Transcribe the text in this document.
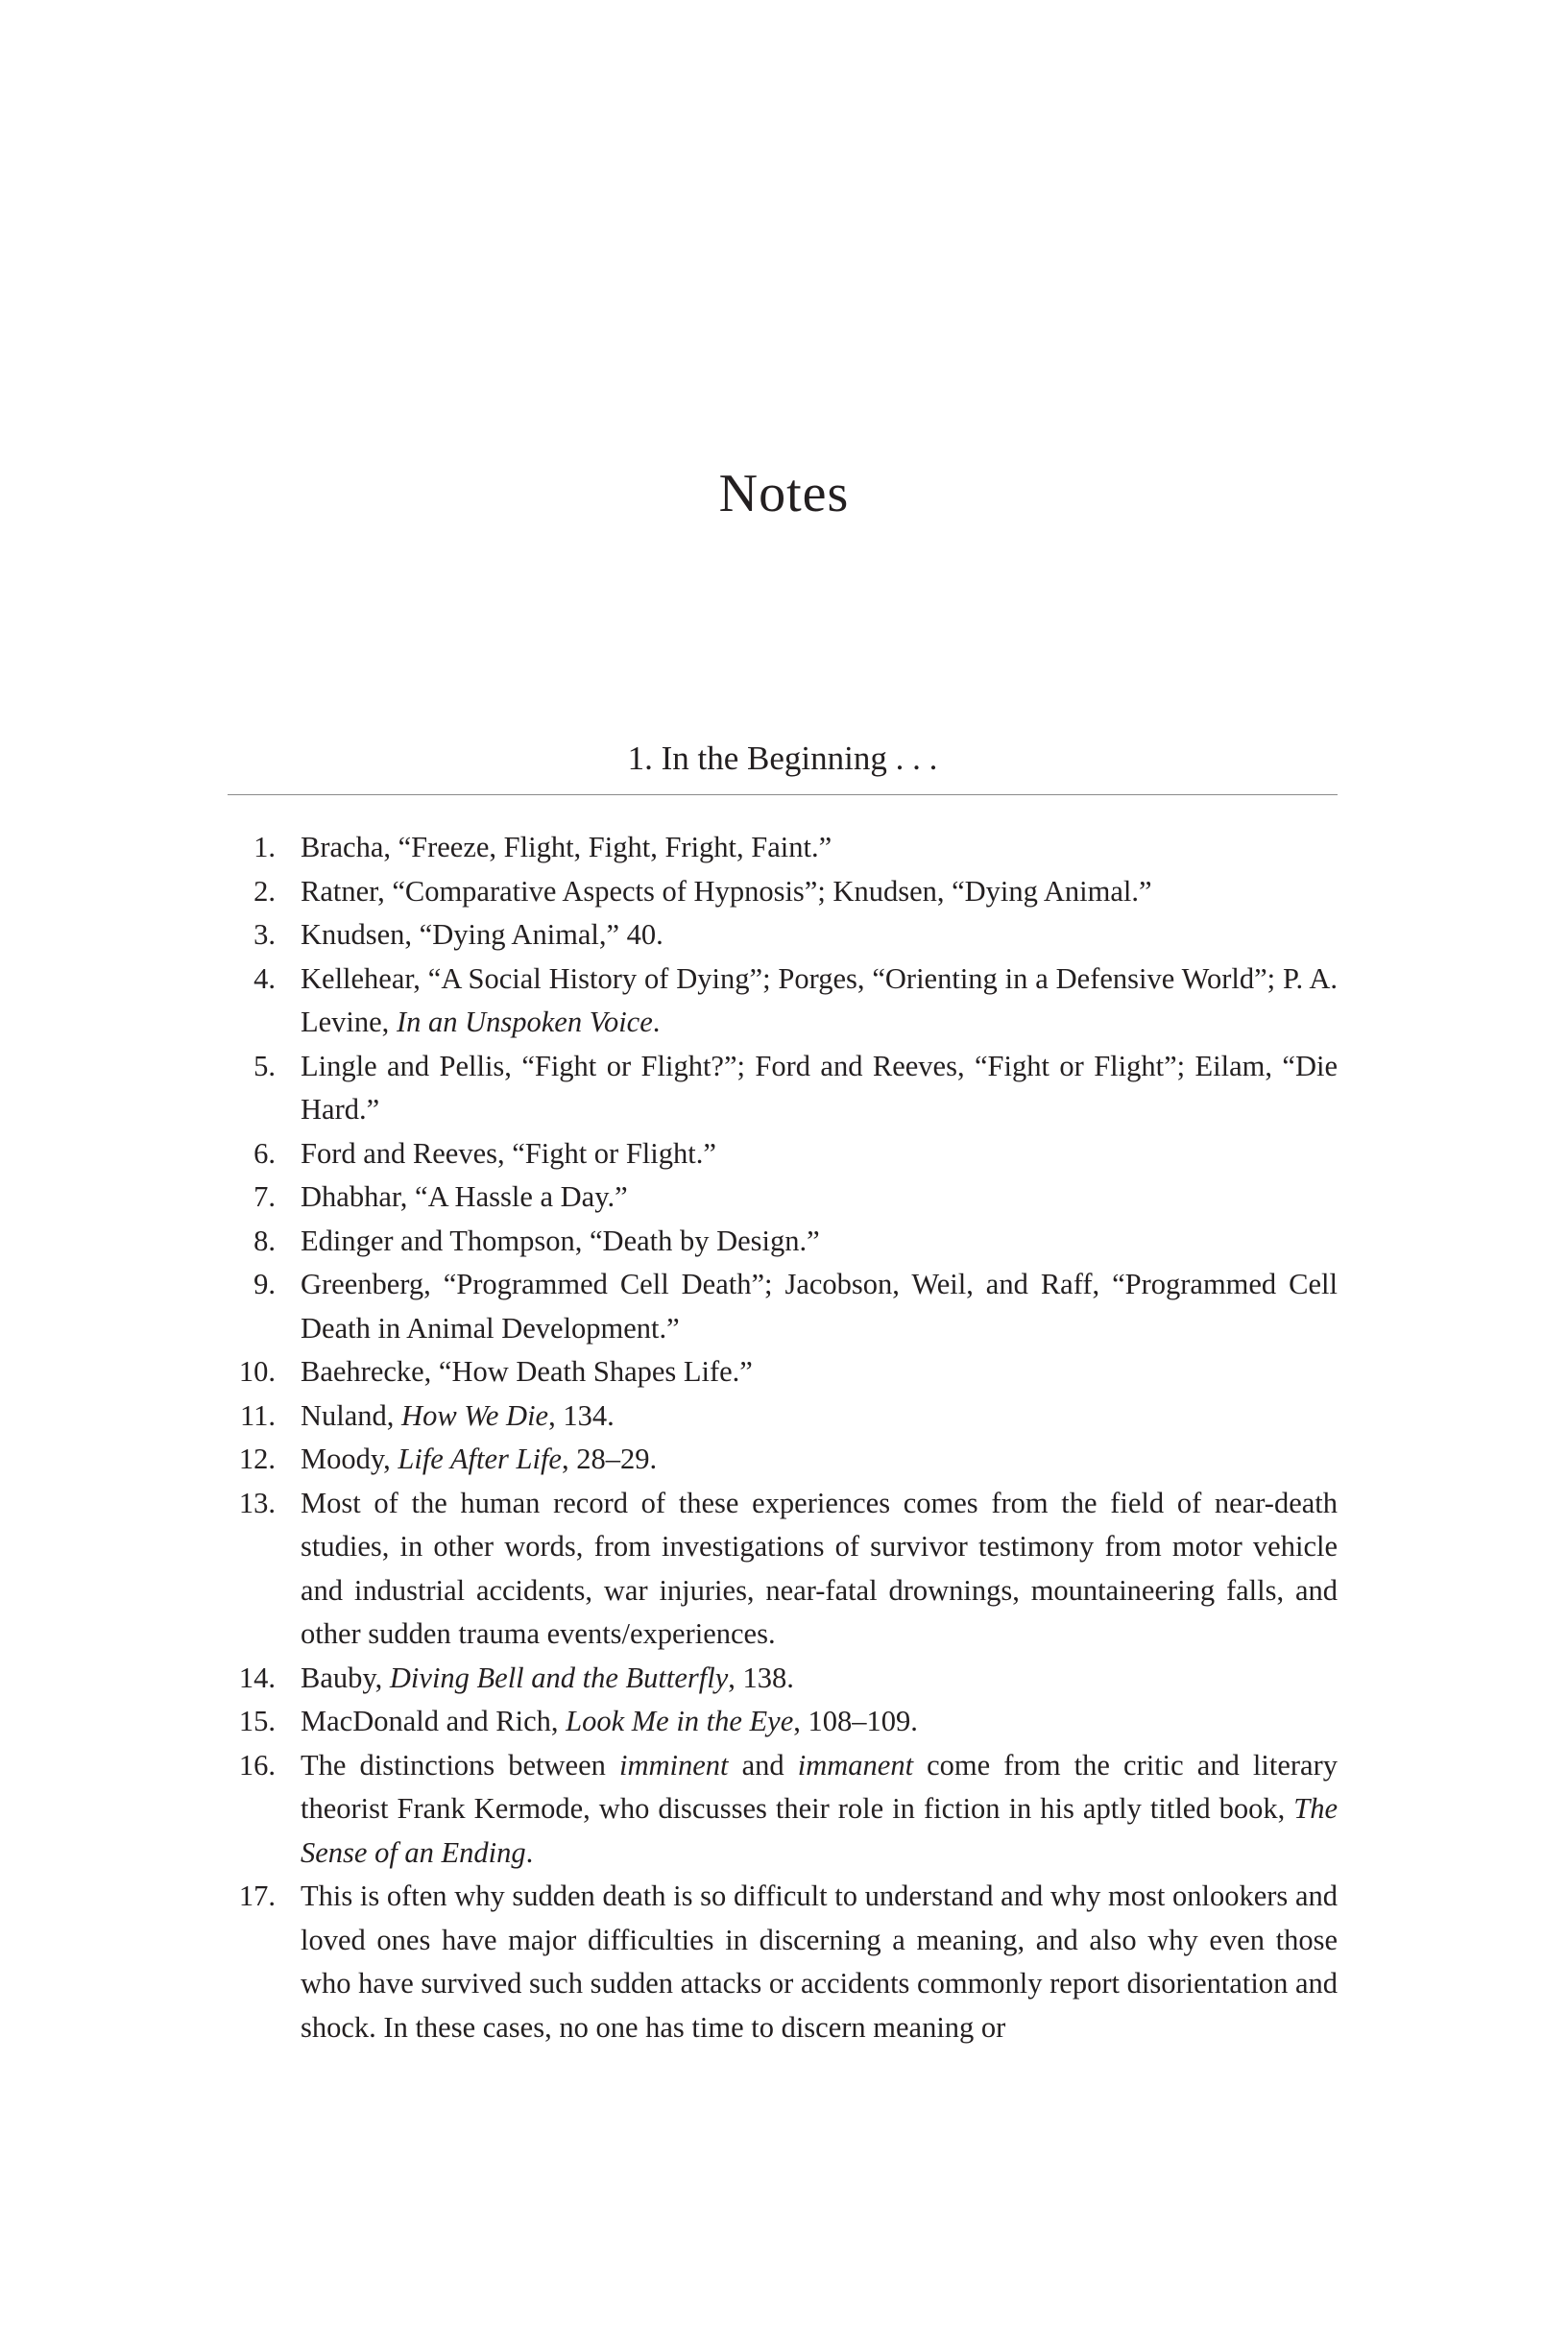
Notes
1. In the Beginning . . .
1. Bracha, “Freeze, Flight, Fight, Fright, Faint.”
2. Ratner, “Comparative Aspects of Hypnosis”; Knudsen, “Dying Animal.”
3. Knudsen, “Dying Animal,” 40.
4. Kellehear, “A Social History of Dying”; Porges, “Orienting in a Defensive World”; P. A. Levine, In an Unspoken Voice.
5. Lingle and Pellis, “Fight or Flight?”; Ford and Reeves, “Fight or Flight”; Eilam, “Die Hard.”
6. Ford and Reeves, “Fight or Flight.”
7. Dhabhar, “A Hassle a Day.”
8. Edinger and Thompson, “Death by Design.”
9. Greenberg, “Programmed Cell Death”; Jacobson, Weil, and Raff, “Programmed Cell Death in Animal Development.”
10. Baehrecke, “How Death Shapes Life.”
11. Nuland, How We Die, 134.
12. Moody, Life After Life, 28–29.
13. Most of the human record of these experiences comes from the field of near-death studies, in other words, from investigations of survivor testimony from motor vehicle and industrial accidents, war injuries, near-fatal drownings, mountaineering falls, and other sudden trauma events/experiences.
14. Bauby, Diving Bell and the Butterfly, 138.
15. MacDonald and Rich, Look Me in the Eye, 108–109.
16. The distinctions between imminent and immanent come from the critic and literary theorist Frank Kermode, who discusses their role in fiction in his aptly titled book, The Sense of an Ending.
17. This is often why sudden death is so difficult to understand and why most onlookers and loved ones have major difficulties in discerning a meaning, and also why even those who have survived such sudden attacks or accidents commonly report disorientation and shock. In these cases, no one has time to discern meaning or
